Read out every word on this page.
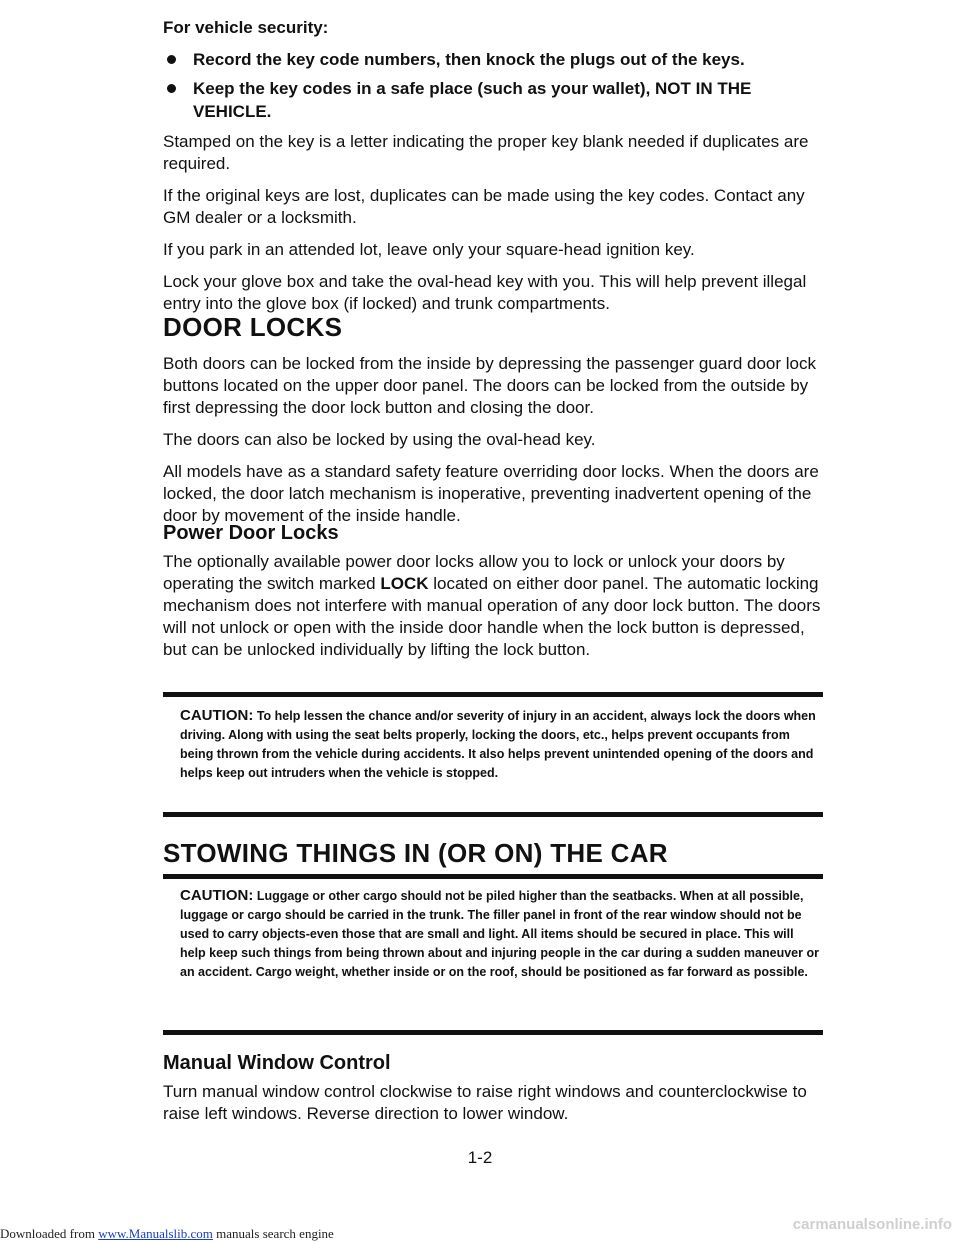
For vehicle security:

Record the key code numbers, then knock the plugs out of the keys.
Keep the key codes in a safe place (such as your wallet), NOT IN THE VEHICLE.

Stamped on the key is a letter indicating the proper key blank needed if duplicates are required.

If the original keys are lost, duplicates can be made using the key codes. Contact any GM dealer or a locksmith.

If you park in an attended lot, leave only your square-head ignition key.

Lock your glove box and take the oval-head key with you. This will help prevent illegal entry into the glove box (if locked) and trunk compartments.

DOOR LOCKS

Both doors can be locked from the inside by depressing the passenger guard door lock buttons located on the upper door panel. The doors can be locked from the outside by first depressing the door lock button and closing the door.

The doors can also be locked by using the oval-head key.

All models have as a standard safety feature overriding door locks. When the doors are locked, the door latch mechanism is inoperative, preventing inadvertent opening of the door by movement of the inside handle.

Power Door Locks

The optionally available power door locks allow you to lock or unlock your doors by operating the switch marked LOCK located on either door panel. The automatic locking mechanism does not interfere with manual operation of any door lock button. The doors will not unlock or open with the inside door handle when the lock button is depressed, but can be unlocked individually by lifting the lock button.

CAUTION: To help lessen the chance and/or severity of injury in an accident, always lock the doors when driving. Along with using the seat belts properly, locking the doors, etc., helps prevent occupants from being thrown from the vehicle during accidents. It also helps prevent unintended opening of the doors and helps keep out intruders when the vehicle is stopped.

STOWING THINGS IN (OR ON) THE CAR

CAUTION: Luggage or other cargo should not be piled higher than the seatbacks. When at all possible, luggage or cargo should be carried in the trunk. The filler panel in front of the rear window should not be used to carry objects-even those that are small and light. All items should be secured in place. This will help keep such things from being thrown about and injuring people in the car during a sudden maneuver or an accident. Cargo weight, whether inside or on the roof, should be positioned as far forward as possible.

Manual Window Control

Turn manual window control clockwise to raise right windows and counterclockwise to raise left windows. Reverse direction to lower window.

1-2
Downloaded from www.Manualslib.com manuals search engine
carmanualsonline.info
